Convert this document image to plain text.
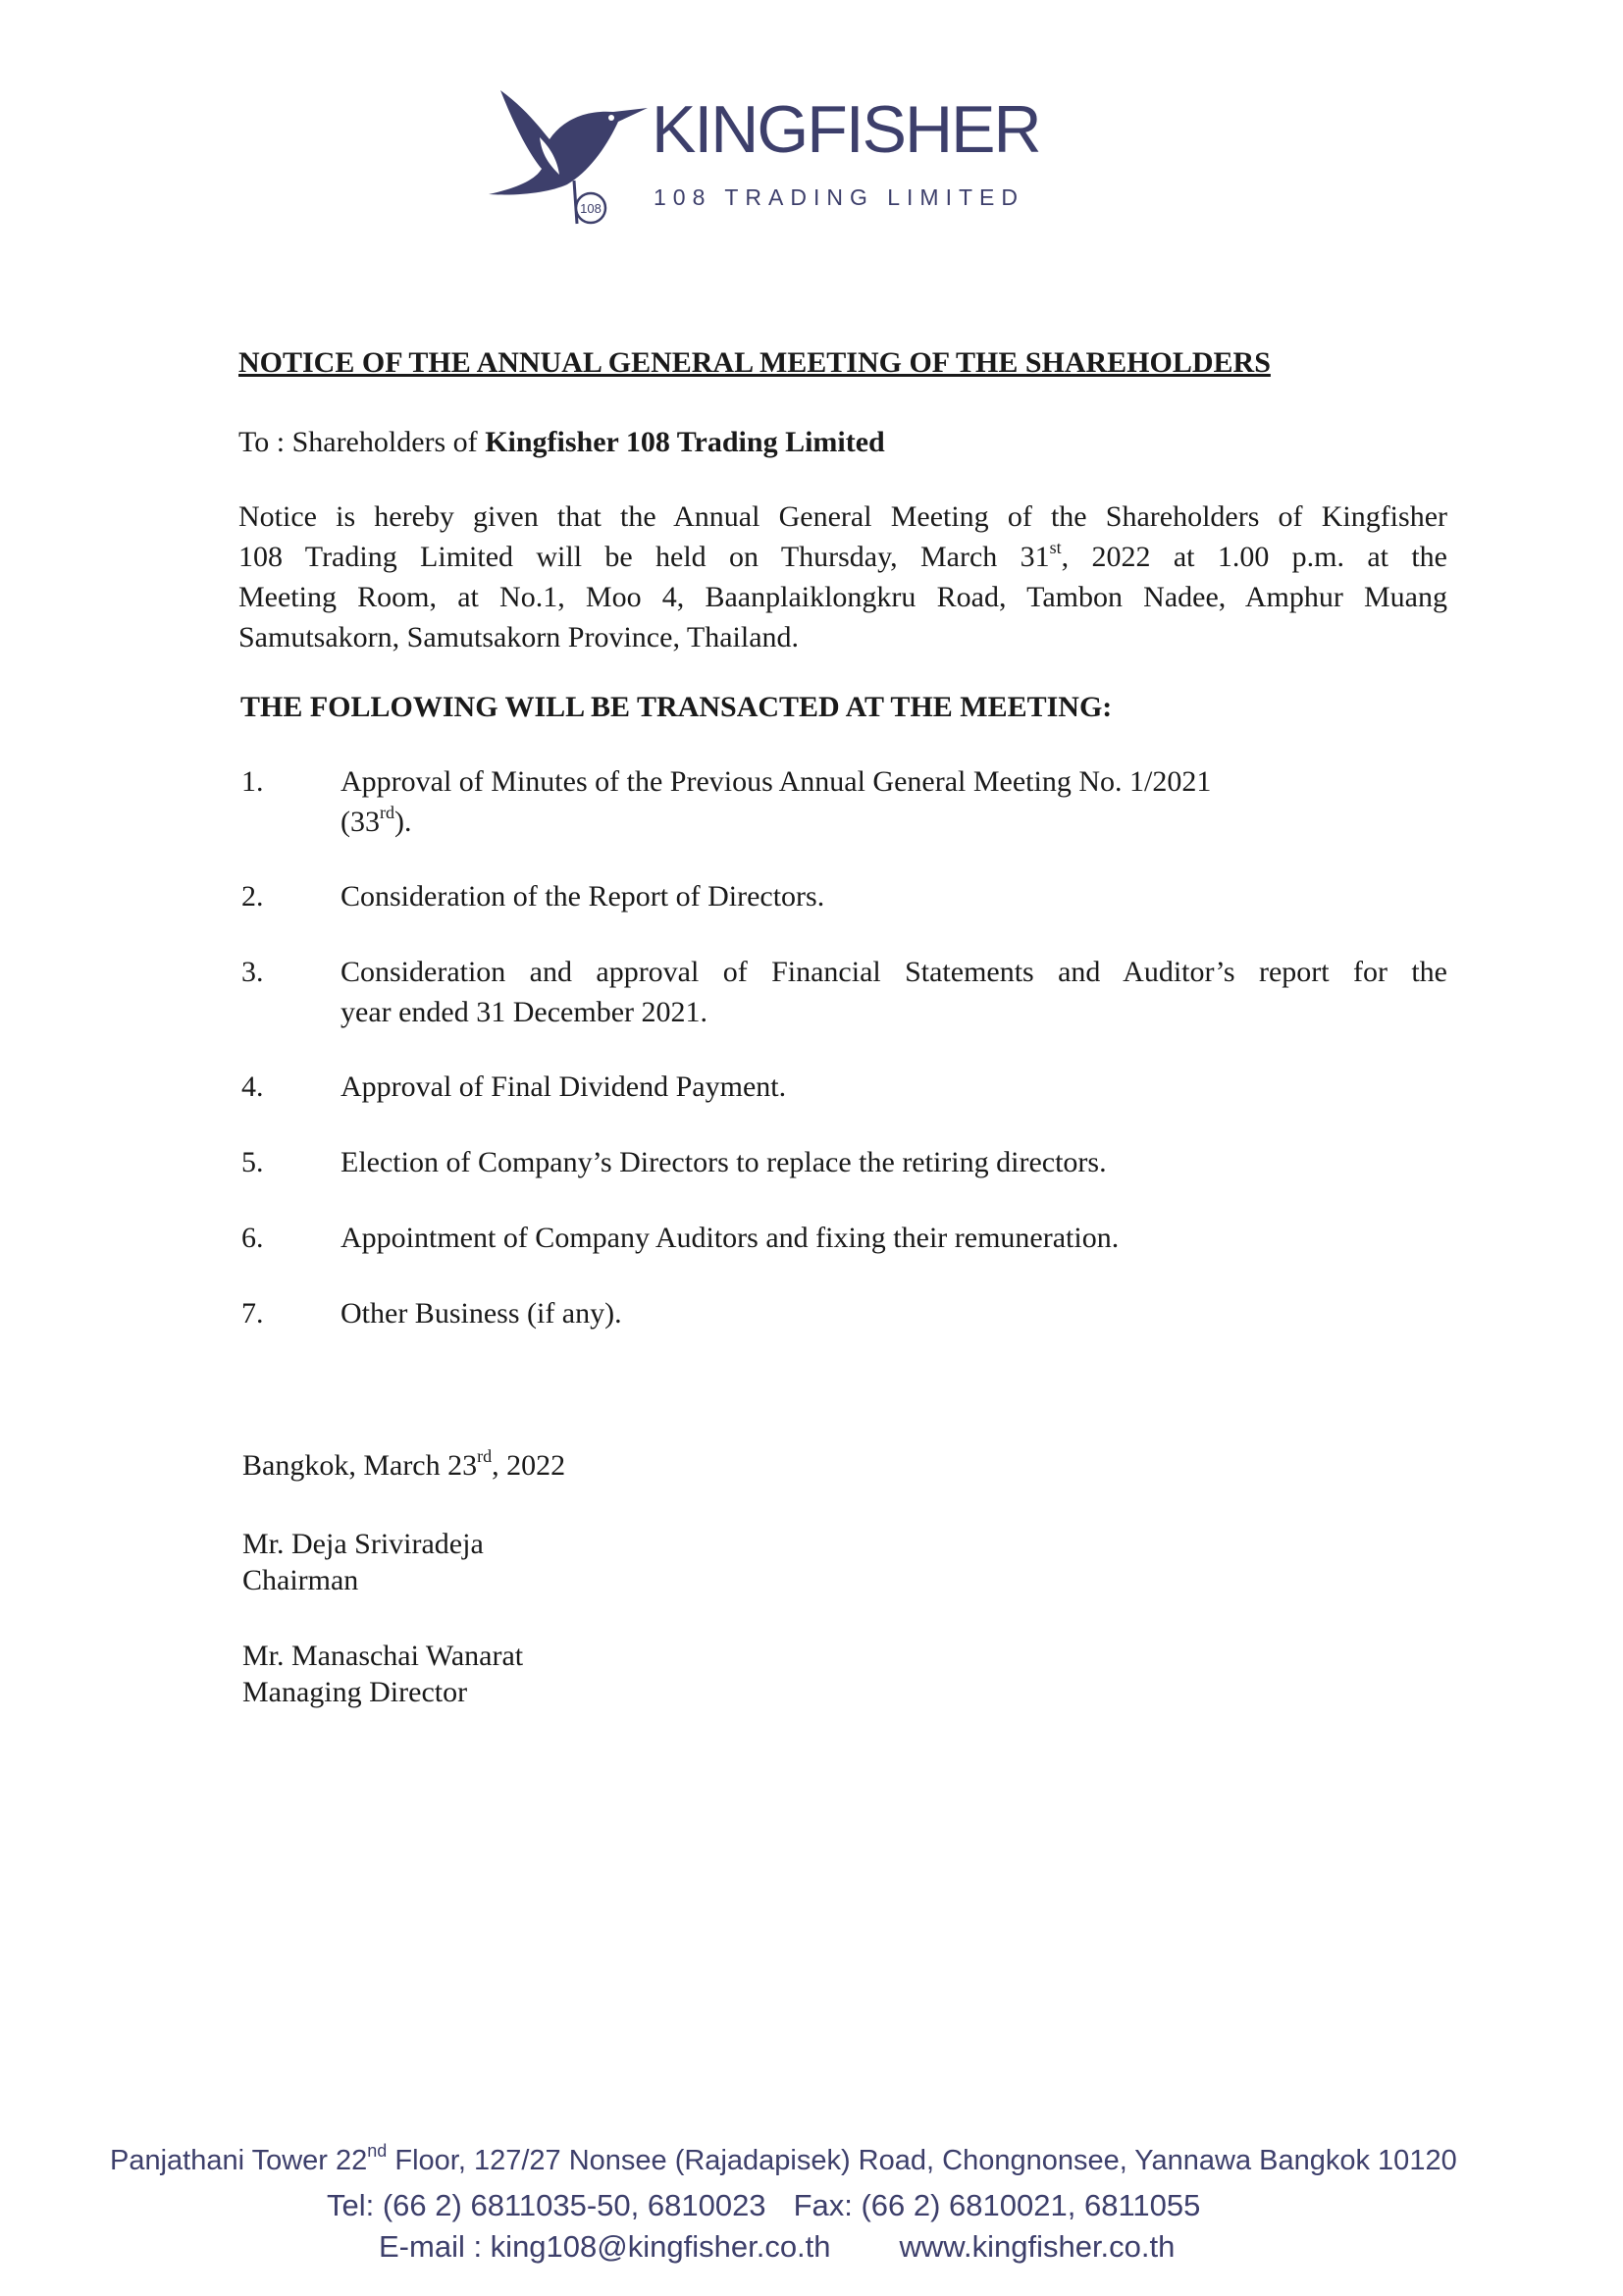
108
KINGFISHER
108 TRADING LIMITED
NOTICE OF THE ANNUAL GENERAL MEETING OF THE SHAREHOLDERS
To : Shareholders of Kingfisher 108 Trading Limited
Notice is hereby given that the Annual General Meeting of the Shareholders of Kingfisher
108 Trading Limited will be held on Thursday, March 31st, 2022 at 1.00 p.m. at the
Meeting Room, at No.1, Moo 4, Baanplaiklongkru Road, Tambon Nadee, Amphur Muang
Samutsakorn, Samutsakorn Province, Thailand.
THE FOLLOWING WILL BE TRANSACTED AT THE MEETING:
1.	Approval of Minutes of the Previous Annual General Meeting No. 1/2021
(33rd).
2.	Consideration of the Report of Directors.
3.	Consideration and approval of Financial Statements and Auditor’s report for the
year ended 31 December 2021.
4.	Approval of Final Dividend Payment.
5.	Election of Company’s Directors to replace the retiring directors.
6.	Appointment of Company Auditors and fixing their remuneration.
7.	Other Business (if any).
Bangkok, March 23rd, 2022
Mr. Deja Sriviradeja
Chairman
Mr. Manaschai Wanarat
Managing Director
Panjathani Tower 22nd Floor, 127/27 Nonsee (Rajadapisek) Road, Chongnonsee, Yannawa Bangkok 10120
Tel: (66 2) 6811035-50, 6810023 Fax: (66 2) 6810021, 6811055
E-mail : king108@kingfisher.co.th www.kingfisher.co.th
